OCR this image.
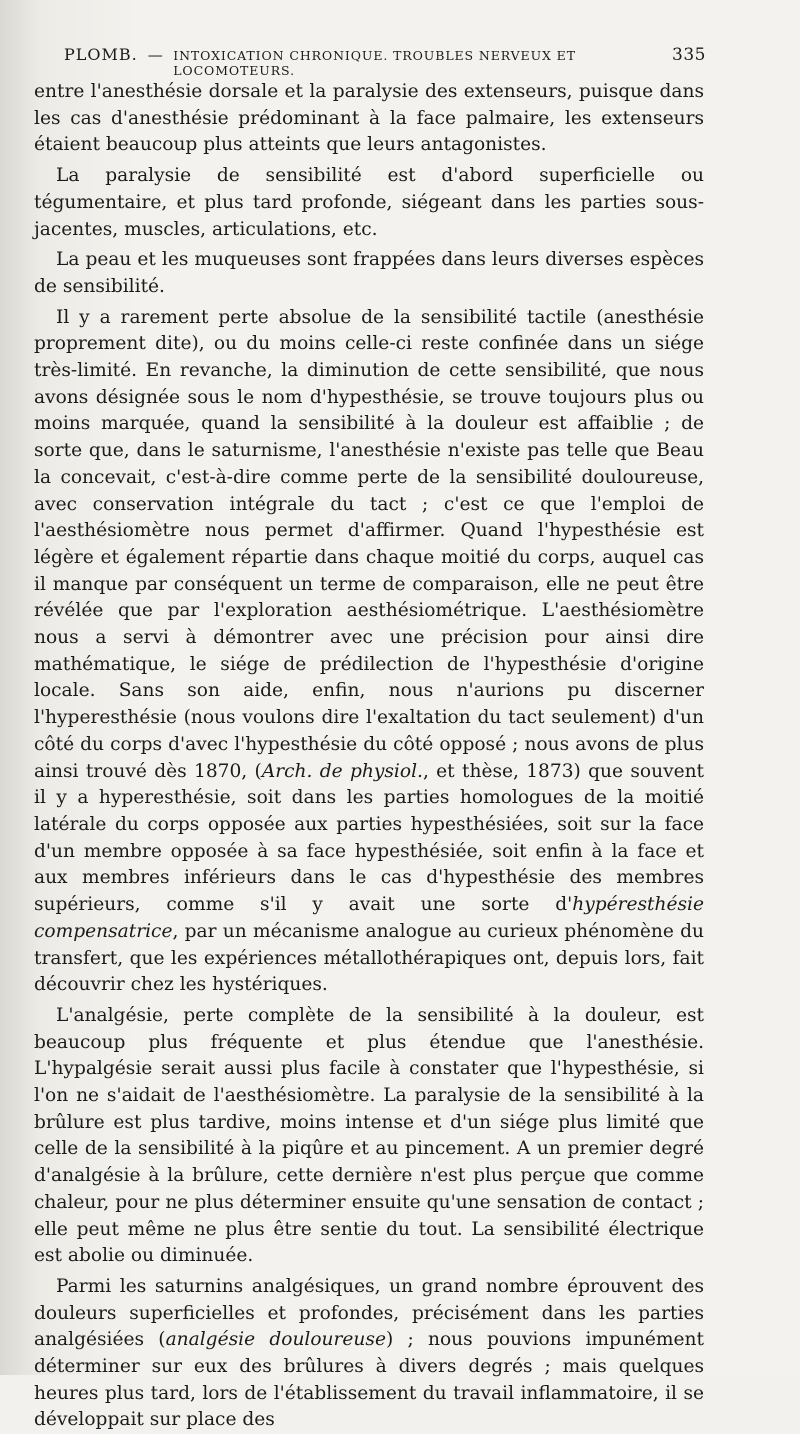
PLOMB. — INTOXICATION CHRONIQUE. TROUBLES NERVEUX ET LOCOMOTEURS.
335

entre l'anesthésie dorsale et la paralysie des extenseurs, puisque dans les cas d'anesthésie prédominant à la face palmaire, les extenseurs étaient beaucoup plus atteints que leurs antagonistes.

La paralysie de sensibilité est d'abord superficielle ou tégumentaire, et plus tard profonde, siégeant dans les parties sous-jacentes, muscles, articulations, etc.

La peau et les muqueuses sont frappées dans leurs diverses espèces de sensibilité.

Il y a rarement perte absolue de la sensibilité tactile (anesthésie proprement dite), ou du moins celle-ci reste confinée dans un siége très-limité. En revanche, la diminution de cette sensibilité, que nous avons désignée sous le nom d'hypesthésie, se trouve toujours plus ou moins marquée, quand la sensibilité à la douleur est affaiblie ; de sorte que, dans le saturnisme, l'anesthésie n'existe pas telle que Beau la concevait, c'est-à-dire comme perte de la sensibilité douloureuse, avec conservation intégrale du tact ; c'est ce que l'emploi de l'aesthésiomètre nous permet d'affirmer. Quand l'hypesthésie est légère et également répartie dans chaque moitié du corps, auquel cas il manque par conséquent un terme de comparaison, elle ne peut être révélée que par l'exploration aesthésiométrique. L'aesthésiomètre nous a servi à démontrer avec une précision pour ainsi dire mathématique, le siége de prédilection de l'hypesthésie d'origine locale. Sans son aide, enfin, nous n'aurions pu discerner l'hyperesthésie (nous voulons dire l'exaltation du tact seulement) d'un côté du corps d'avec l'hypesthésie du côté opposé ; nous avons de plus ainsi trouvé dès 1870, (Arch. de physiol., et thèse, 1873) que souvent il y a hyperesthésie, soit dans les parties homologues de la moitié latérale du corps opposée aux parties hypesthésiées, soit sur la face d'un membre opposée à sa face hypesthésiée, soit enfin à la face et aux membres inférieurs dans le cas d'hypesthésie des membres supérieurs, comme s'il y avait une sorte d'hypéresthésie compensatrice, par un mécanisme analogue au curieux phénomène du transfert, que les expériences métallothérapiques ont, depuis lors, fait découvrir chez les hystériques.

L'analgésie, perte complète de la sensibilité à la douleur, est beaucoup plus fréquente et plus étendue que l'anesthésie. L'hypalgésie serait aussi plus facile à constater que l'hypesthésie, si l'on ne s'aidait de l'aesthésiomètre. La paralysie de la sensibilité à la brûlure est plus tardive, moins intense et d'un siége plus limité que celle de la sensibilité à la piqûre et au pincement. A un premier degré d'analgésie à la brûlure, cette dernière n'est plus perçue que comme chaleur, pour ne plus déterminer ensuite qu'une sensation de contact ; elle peut même ne plus être sentie du tout. La sensibilité électrique est abolie ou diminuée.

Parmi les saturnins analgésiques, un grand nombre éprouvent des douleurs superficielles et profondes, précisément dans les parties analgésiées (analgésie douloureuse) ; nous pouvions impunément déterminer sur eux des brûlures à divers degrés ; mais quelques heures plus tard, lors de l'établissement du travail inflammatoire, il se développait sur place des
